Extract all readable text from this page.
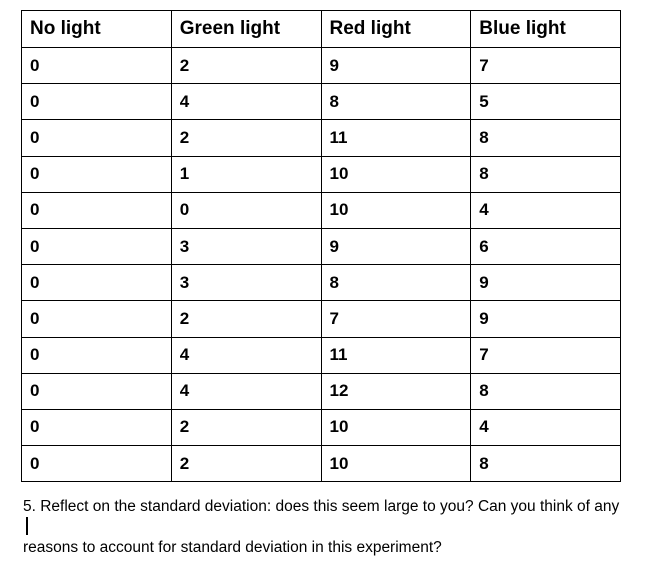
No light	Green light	Red light	Blue light
0	2	9	7
0	4	8	5
0	2	11	8
0	1	10	8
0	0	10	4
0	3	9	6
0	3	8	9
0	2	7	9
0	4	11	7
0	4	12	8
0	2	10	4
0	2	10	8
5. Reflect on the standard deviation: does this seem large to you? Can you think of any
reasons to account for standard deviation in this experiment?
